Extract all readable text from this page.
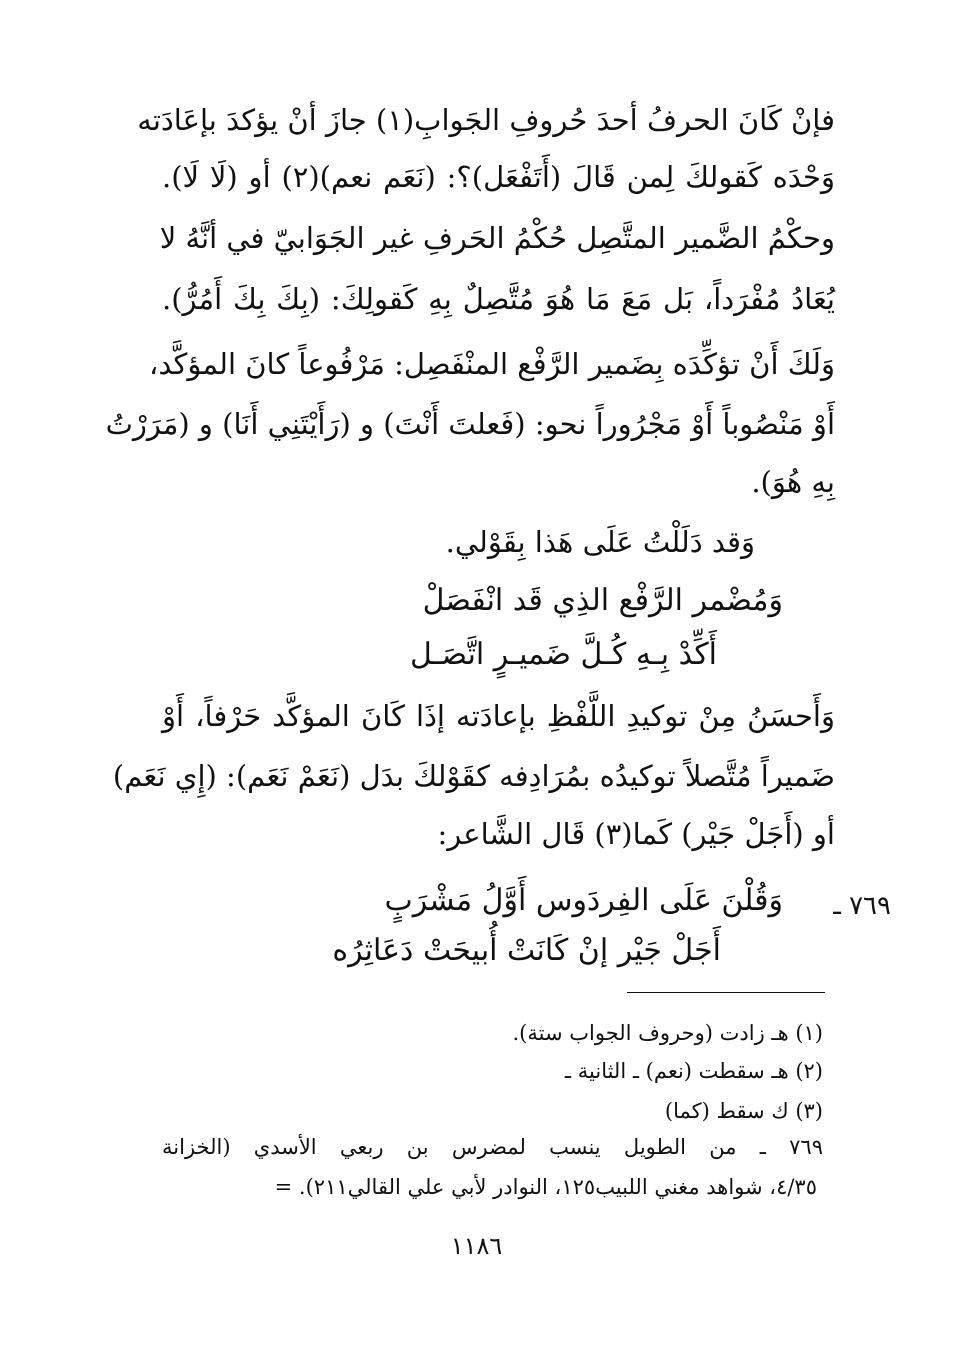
فإنْ كَانَ الحرفُ أحدَ حُروفِ الجَوابِ(١) جازَ أنْ يؤكدَ بإعَادَته
وَحْدَه كَقولكَ لِمن قَالَ (أَتَفْعَل)؟: (نَعَم نعم)(٢) أو (لَا لَا).
وحكْمُ الضَّمير المتَّصِل حُكْمُ الحَرفِ غير الجَوَابيّ في أنَّهُ لا
يُعَادُ مُفْرَداً، بَل مَعَ مَا هُوَ مُتَّصِلٌ بِهِ كَقولِكَ: (بِكَ بِكَ أَمُرُّ).
وَلَكَ أَنْ تؤكِّدَه بِضَمير الرَّفْع المنْفَصِل: مَرْفُوعاً كانَ المؤكَّد،
أَوْ مَنْصُوباً أَوْ مَجْرُوراً نحو: (فَعلتَ أَنْتَ) و (رَأَيْتَنِي أَنَا) و (مَرَرْتُ
بِهِ هُوَ).
وَقد دَلَلْتُ عَلَى هَذا بِقَوْلي.
وَمُضْمر الرَّفْع الذِي قَد انْفَصَلْ
أَكِّدْ بِـهِ كُـلَّ ضَميـرٍ اتَّصَـل
وَأَحسَنُ مِنْ توكيدِ اللَّفْظِ بإعادَته إذَا كَانَ المؤكَّد حَرْفاً، أَوْ
ضَميراً مُتَّصلاً توكيدُه بمُرَادِفه كقَوْلكَ بدَل (نَعَمْ نَعَم): (إِي نَعَم)
أو (أَجَلْ جَيْر) كَما(٣) قَال الشَّاعر:
٧٦٩ ـ
وَقُلْنَ عَلَى الفِردَوس أَوَّلُ مَشْرَبٍ
أَجَلْ جَيْر إنْ كَانَتْ أُبيحَتْ دَعَاثِرُه
(١) هـ زادت (وحروف الجواب ستة).
(٢) هـ سقطت (نعم) ـ الثانية ـ
(٣) ك سقط (كما)
٧٦٩ ـ من الطويل ينسب لمضرس بن ربعي الأسدي (الخزانة
٤/٣٥، شواهد مغني اللبيب١٢٥، النوادر لأبي علي القالي٢١١). =
١١٨٦
